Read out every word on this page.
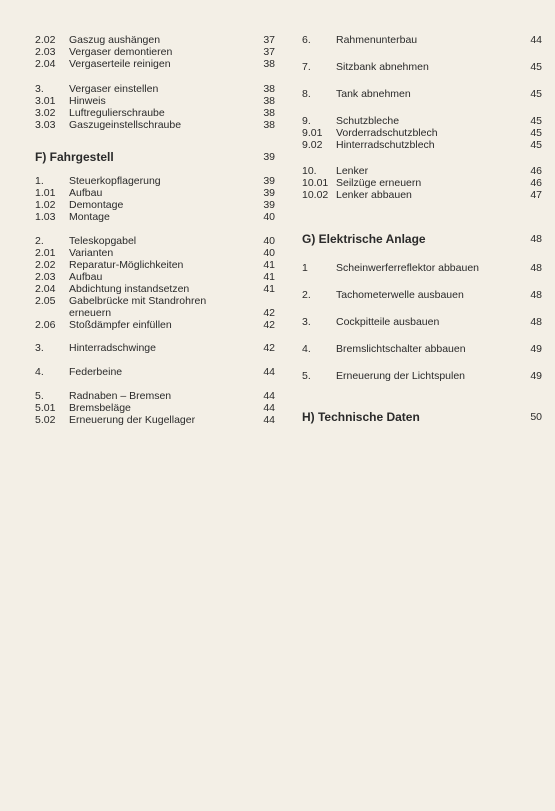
2.02 Gaszug aushängen	37
2.03 Vergaser demontieren	37
2.04 Vergaserteile reinigen	38
3. Vergaser einstellen	38
3.01 Hinweis	38
3.02 Luftregulierschraube	38
3.03 Gaszugeinstellschraube	38
F) Fahrgestell	39
1. Steuerkopflagerung	39
1.01 Aufbau	39
1.02 Demontage	39
1.03 Montage	40
2. Teleskopgabel	40
2.01 Varianten	40
2.02 Reparatur-Möglichkeiten	41
2.03 Aufbau	41
2.04 Abdichtung instandsetzen	41
2.05 Gabelbrücke mit Standrohren
erneuern	42
2.06 Stoßdämpfer einfüllen	42
3. Hinterradschwinge	42
4. Federbeine	44
5. Radnaben – Bremsen	44
5.01 Bremsbeläge	44
5.02 Erneuerung der Kugellager	44
6. Rahmenunterbau	44
7. Sitzbank abnehmen	45
8. Tank abnehmen	45
9. Schutzbleche	45
9.01 Vorderradschutzblech	45
9.02 Hinterradschutzblech	45
10. Lenker	46
10.01 Seilzüge erneuern	46
10.02 Lenker abbauen	47
G) Elektrische Anlage	48
1	Scheinwerferreflektor abbauen	48
2. Tachometerwelle ausbauen	48
3. Cockpitteile ausbauen	48
4. Bremslichtschalter abbauen	49
5. Erneuerung der Lichtspulen	49
H) Technische Daten	50
